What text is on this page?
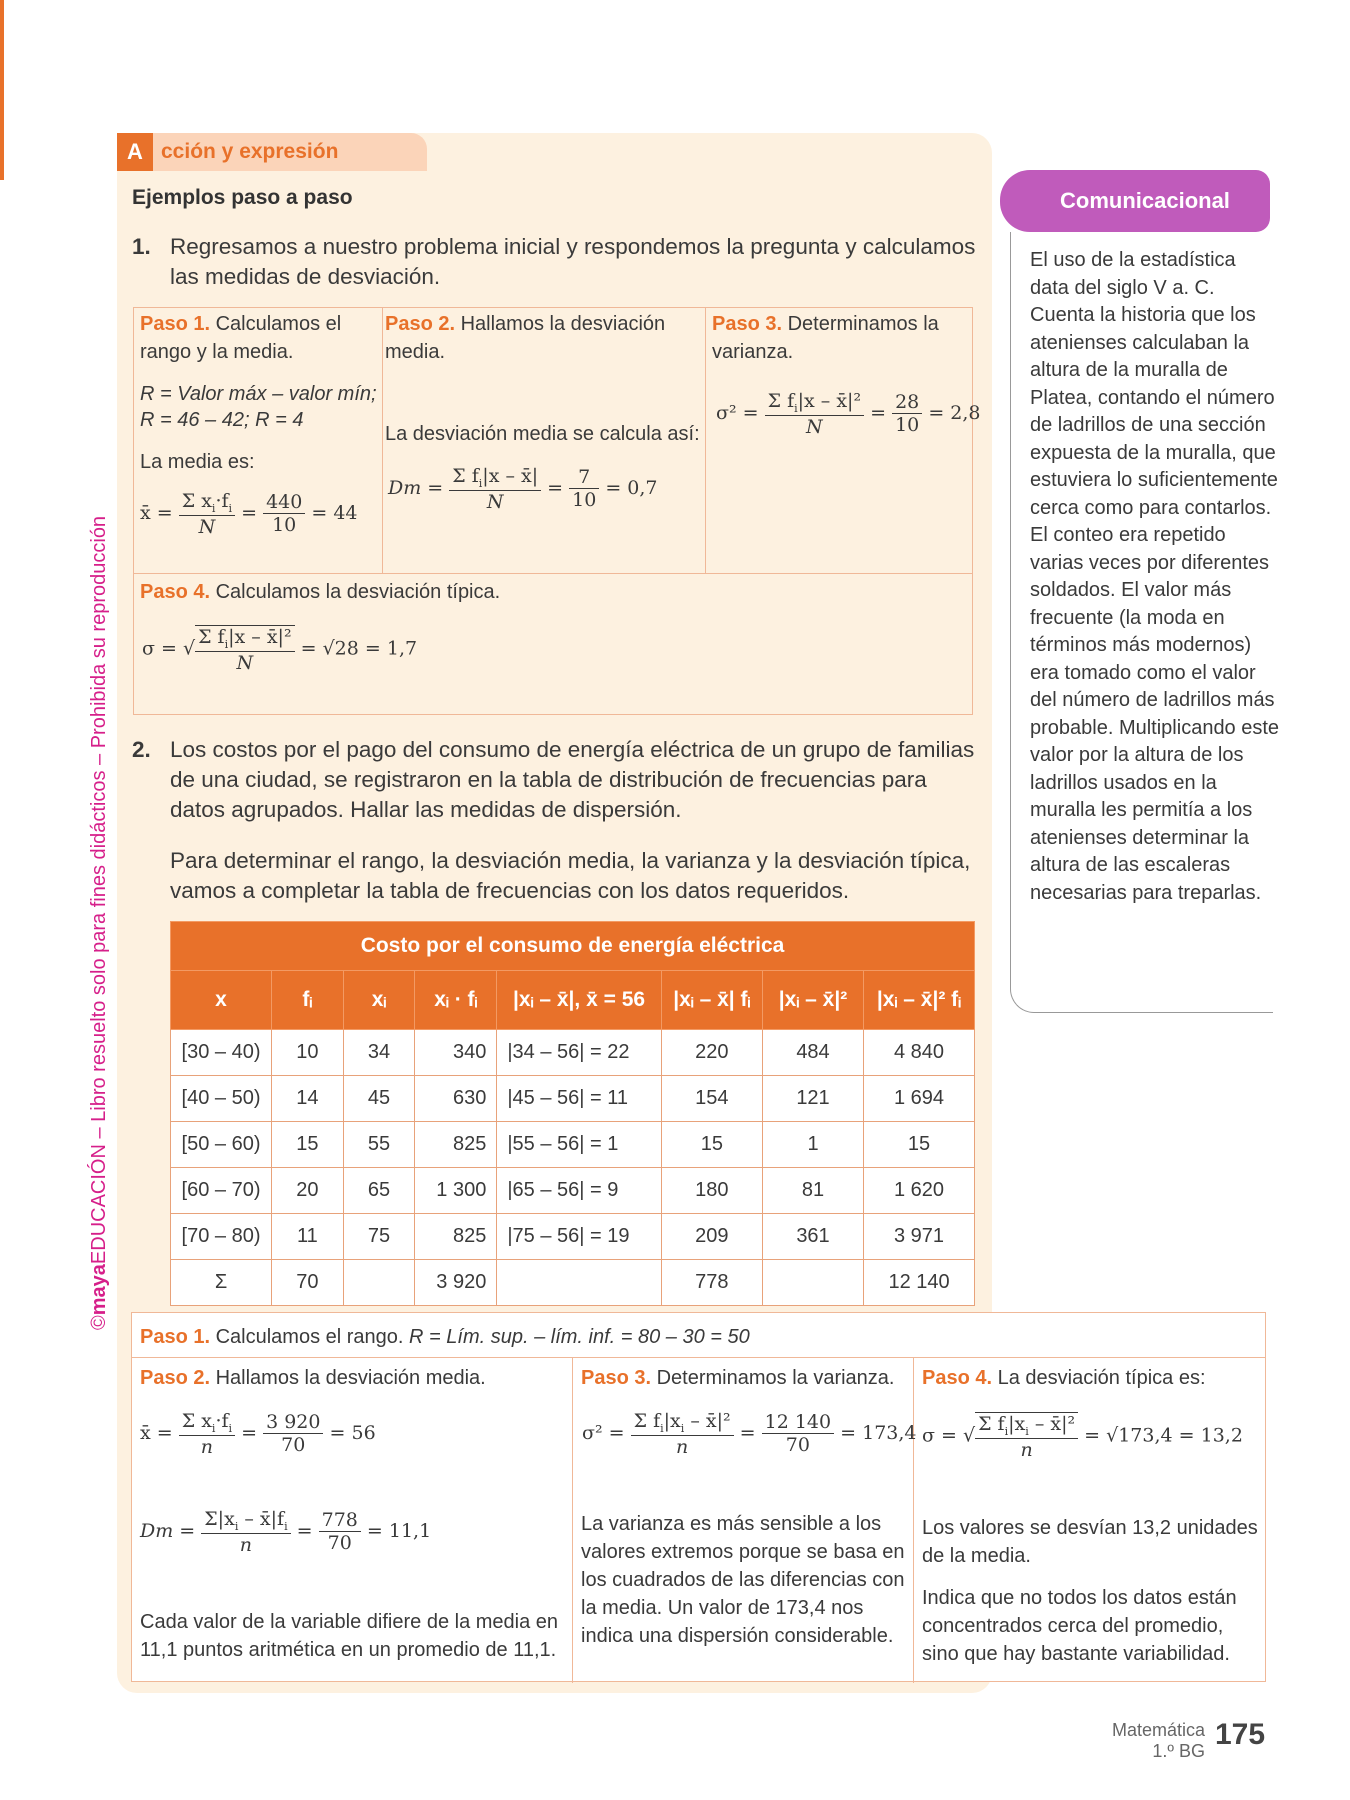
©mayaEDUCACIÓN – Libro resuelto solo para fines didácticos – Prohibida su reproducción
A cción y expresión
Ejemplos paso a paso
1. Regresamos a nuestro problema inicial y respondemos la pregunta y calculamos las medidas de desviación.
Paso 1. Calculamos el rango y la media.
R = Valor máx – valor mín;
R = 46 – 42; R = 4
La media es:
x̄ = $\frac{\Sigma x_i\cdot f_i}{N} = \frac{440}{10} = 44$
Paso 2. Hallamos la desviación media.
La desviación media se calcula así:
$Dm = \frac{\Sigma f_i|x - x̄|}{N} = \frac{7}{10} = 0,7$
Paso 3. Determinamos la varianza.
$\sigma^2 = \frac{\Sigma f_i|x - x̄|^2}{N} = \frac{28}{10} = 2,8$
Paso 4. Calculamos la desviación típica.
σ = √ $\frac{\Sigma f_i|x - x̄|^2}{N} = √28 = 1,7$
2. Los costos por el pago del consumo de energía eléctrica de un grupo de familias de una ciudad, se registraron en la tabla de distribución de frecuencias para datos agrupados. Hallar las medidas de dispersión.
Para determinar el rango, la desviación media, la varianza y la desviación típica, vamos a completar la tabla de frecuencias con los datos requeridos.
Costo por el consumo de energía eléctrica							
x	fᵢ	xᵢ	xᵢ · fᵢ	|xᵢ – x̄|, x̄ = 56	|xᵢ – x̄| fᵢ	|xᵢ – x̄|²	|xᵢ – x̄|² fᵢ
[30 – 40)	10	34	340	|34 – 56| = 22	220	484	4 840
[40 – 50)	14	45	630	|45 – 56| = 11	154	121	1 694
[50 – 60)	15	55	825	|55 – 56| = 1	15	1	15
[60 – 70)	20	65	1 300	|65 – 56| = 9	180	81	1 620
[70 – 80)	11	75	825	|75 – 56| = 19	209	361	3 971
Σ	70		3 920		778		12 140
Paso 1. Calculamos el rango. R = Lím. sup. – lím. inf. = 80 – 30 = 50
Paso 2. Hallamos la desviación media.
x̄ = $\frac{\Sigma x_i\cdot f_i}{n} = \frac{3 920}{70} = 56$
$Dm = \frac{\Sigma|x_i - x̄|f_i}{n} = \frac{778}{70} = 11,1$
Cada valor de la variable difiere de la media en 11,1 puntos aritmética en un promedio de 11,1.
Paso 3. Determinamos la varianza.
$\sigma^2 = \frac{\Sigma f_i|x_i - x̄|^2}{n} = \frac{12 140}{70} = 173,4$
La varianza es más sensible a los valores extremos porque se basa en los cuadrados de las diferencias con la media. Un valor de 173,4 nos indica una dispersión considerable.
Paso 4. La desviación típica es:
σ = √ $\frac{\Sigma f_i|x_i - x̄|^2}{n} = √173,4 = 13,2$
Los valores se desvían 13,2 unidades de la media.
Indica que no todos los datos están concentrados cerca del promedio, sino que hay bastante variabilidad.
Comunicacional
El uso de la estadística data del siglo V a. C. Cuenta la historia que los atenienses calculaban la altura de la muralla de Platea, contando el número de ladrillos de una sección expuesta de la muralla, que estuviera lo suficientemente cerca como para contarlos. El conteo era repetido varias veces por diferentes soldados. El valor más frecuente (la moda en términos más modernos) era tomado como el valor del número de ladrillos más probable. Multiplicando este valor por la altura de los ladrillos usados en la muralla les permitía a los atenienses determinar la altura de las escaleras necesarias para treparlas.
Matemática
1.º BG 175
